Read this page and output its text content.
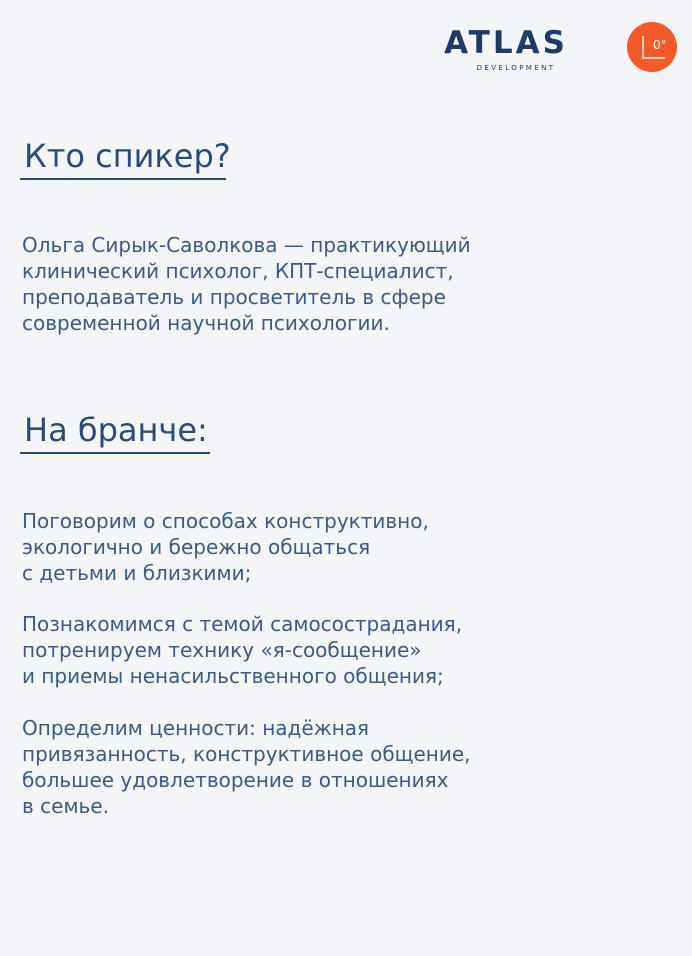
ATLAS
DEVELOPMENT
0°
Кто спикер?

Ольга Сирык-Саволкова — практикующий
клинический психолог, КПТ-специалист,
преподаватель и просветитель в сфере
современной научной психологии.

На бранче:

Поговорим о способах конструктивно,
экологично и бережно общаться
с детьми и близкими;

Познакомимся с темой самосострадания,
потренируем технику «я-сообщение»
и приемы ненасильственного общения;

Определим ценности: надёжная
привязанность, конструктивное общение,
большее удовлетворение в отношениях
в семье.
